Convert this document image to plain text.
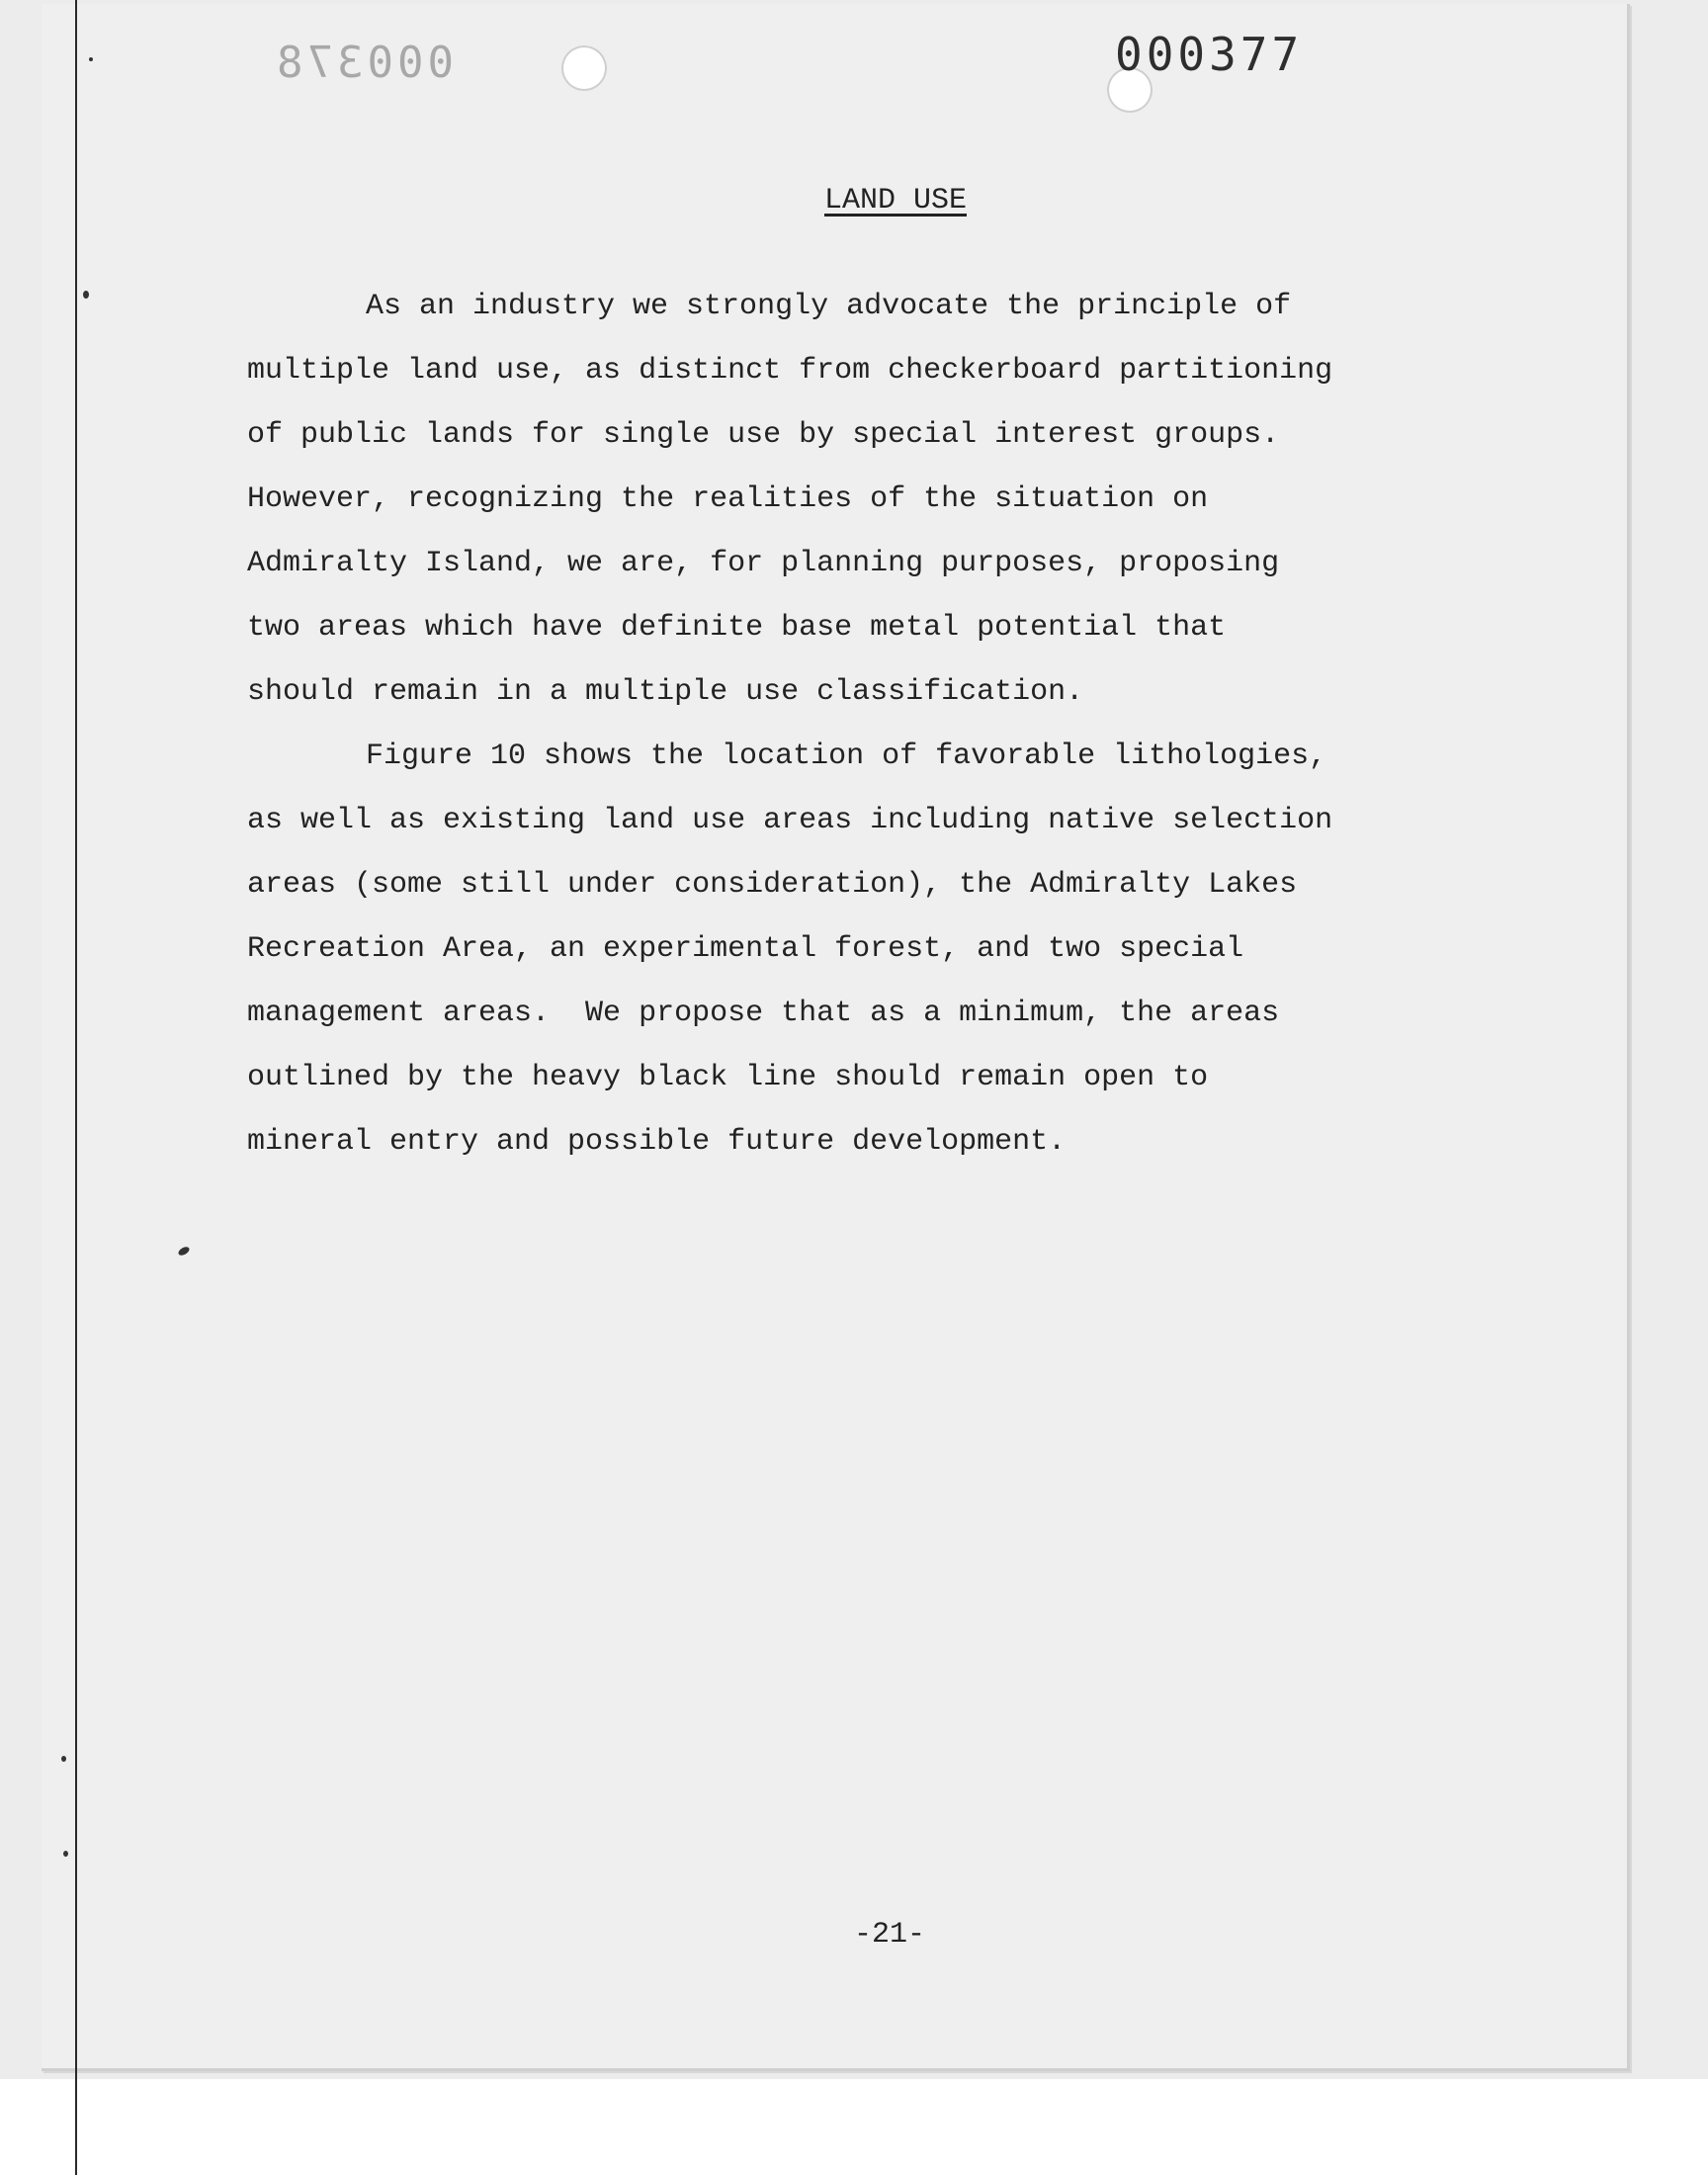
000378	000377
LAND USE
As an industry we strongly advocate the principle of
multiple land use, as distinct from checkerboard partitioning
of public lands for single use by special interest groups.
However, recognizing the realities of the situation on
Admiralty Island, we are, for planning purposes, proposing
two areas which have definite base metal potential that
should remain in a multiple use classification.
Figure 10 shows the location of favorable lithologies,
as well as existing land use areas including native selection
areas (some still under consideration), the Admiralty Lakes
Recreation Area, an experimental forest, and two special
management areas.  We propose that as a minimum, the areas
outlined by the heavy black line should remain open to
mineral entry and possible future development.
-21-
